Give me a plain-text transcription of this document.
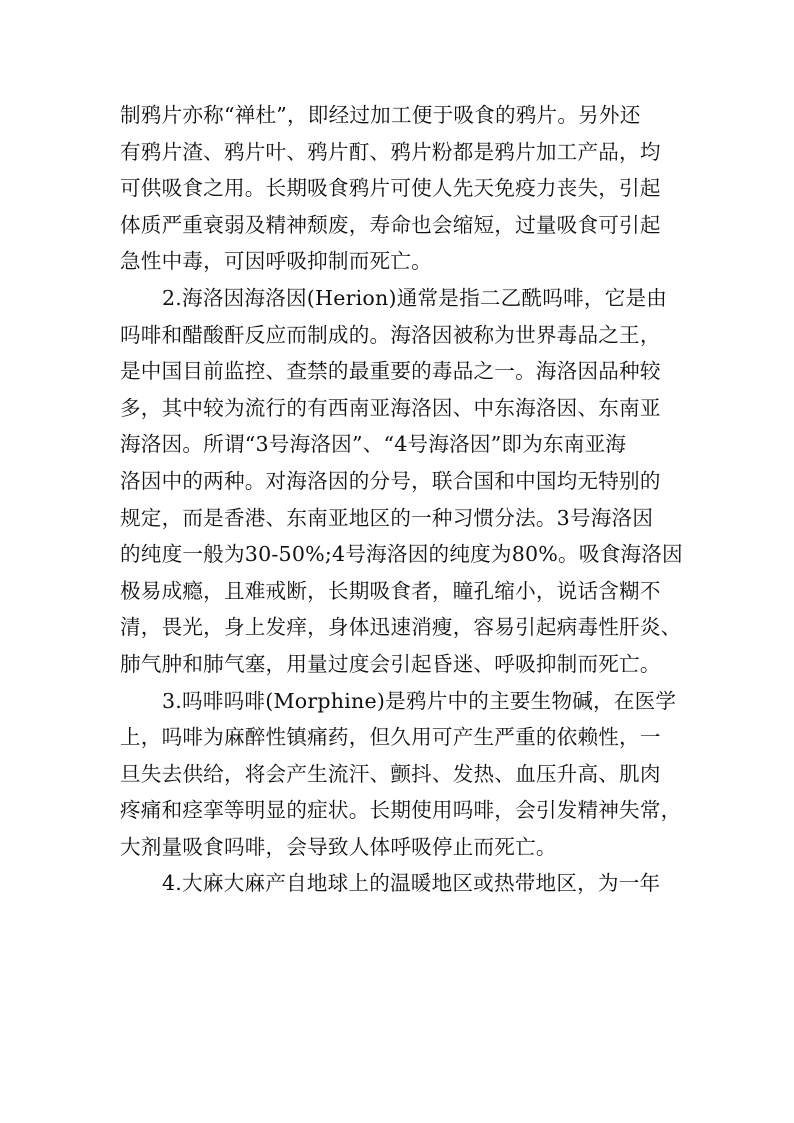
制鸦片亦称“禅杜”，即经过加工便于吸食的鸦片。另外还
有鸦片渣、鸦片叶、鸦片酊、鸦片粉都是鸦片加工产品，均
可供吸食之用。长期吸食鸦片可使人先天免疫力丧失，引起
体质严重衰弱及精神颓废，寿命也会缩短，过量吸食可引起
急性中毒，可因呼吸抑制而死亡。
2.海洛因海洛因(Herion)通常是指二乙酰吗啡，它是由
吗啡和醋酸酐反应而制成的。海洛因被称为世界毒品之王，
是中国目前监控、查禁的最重要的毒品之一。海洛因品种较
多，其中较为流行的有西南亚海洛因、中东海洛因、东南亚
海洛因。所谓“3号海洛因”、“4号海洛因”即为东南亚海
洛因中的两种。对海洛因的分号，联合国和中国均无特别的
规定，而是香港、东南亚地区的一种习惯分法。3号海洛因
的纯度一般为30-50%;4号海洛因的纯度为80%。吸食海洛因
极易成瘾，且难戒断，长期吸食者，瞳孔缩小，说话含糊不
清，畏光，身上发痒，身体迅速消瘦，容易引起病毒性肝炎、
肺气肿和肺气塞，用量过度会引起昏迷、呼吸抑制而死亡。
3.吗啡吗啡(Morphine)是鸦片中的主要生物碱，在医学
上，吗啡为麻醉性镇痛药，但久用可产生严重的依赖性，一
旦失去供给，将会产生流汗、颤抖、发热、血压升高、肌肉
疼痛和痉挛等明显的症状。长期使用吗啡，会引发精神失常，
大剂量吸食吗啡，会导致人体呼吸停止而死亡。
4.大麻大麻产自地球上的温暖地区或热带地区，为一年
